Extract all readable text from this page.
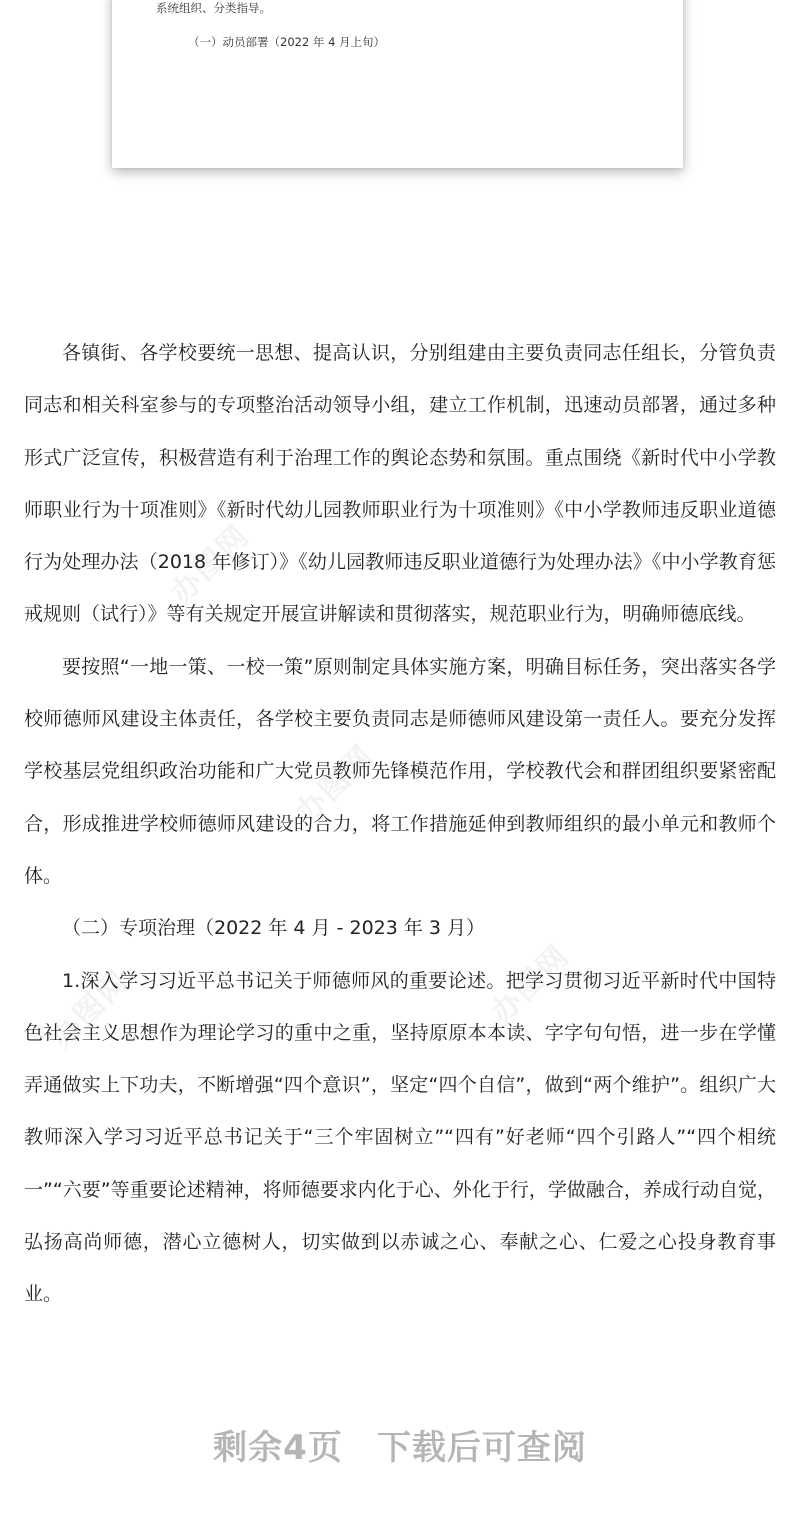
系统组织、分类指导。
（一）动员部署（2022 年 4 月上旬）
办图网
办图网
办图网
办图网

各镇街、各学校要统一思想、提高认识，分别组建由主要负责同志任组长，分管负责同志和相关科室参与的专项整治活动领导小组，建立工作机制，迅速动员部署，通过多种形式广泛宣传，积极营造有利于治理工作的舆论态势和氛围。重点围绕《新时代中小学教师职业行为十项准则》《新时代幼儿园教师职业行为十项准则》《中小学教师违反职业道德行为处理办法（2018 年修订）》《幼儿园教师违反职业道德行为处理办法》《中小学教育惩戒规则（试行）》等有关规定开展宣讲解读和贯彻落实，规范职业行为，明确师德底线。

要按照“一地一策、一校一策”原则制定具体实施方案，明确目标任务，突出落实各学校师德师风建设主体责任，各学校主要负责同志是师德师风建设第一责任人。要充分发挥学校基层党组织政治功能和广大党员教师先锋模范作用，学校教代会和群团组织要紧密配合，形成推进学校师德师风建设的合力，将工作措施延伸到教师组织的最小单元和教师个体。

（二）专项治理（2022 年 4 月 - 2023 年 3 月）

1.深入学习习近平总书记关于师德师风的重要论述。把学习贯彻习近平新时代中国特色社会主义思想作为理论学习的重中之重，坚持原原本本读、字字句句悟，进一步在学懂弄通做实上下功夫，不断增强“四个意识”，坚定“四个自信”，做到“两个维护”。组织广大教师深入学习习近平总书记关于“三个牢固树立”“四有”好老师“四个引路人”“四个相统一”“六要”等重要论述精神，将师德要求内化于心、外化于行，学做融合，养成行动自觉，弘扬高尚师德，潜心立德树人，切实做到以赤诚之心、奉献之心、仁爱之心投身教育事业。

剩余4页 下载后可查阅
